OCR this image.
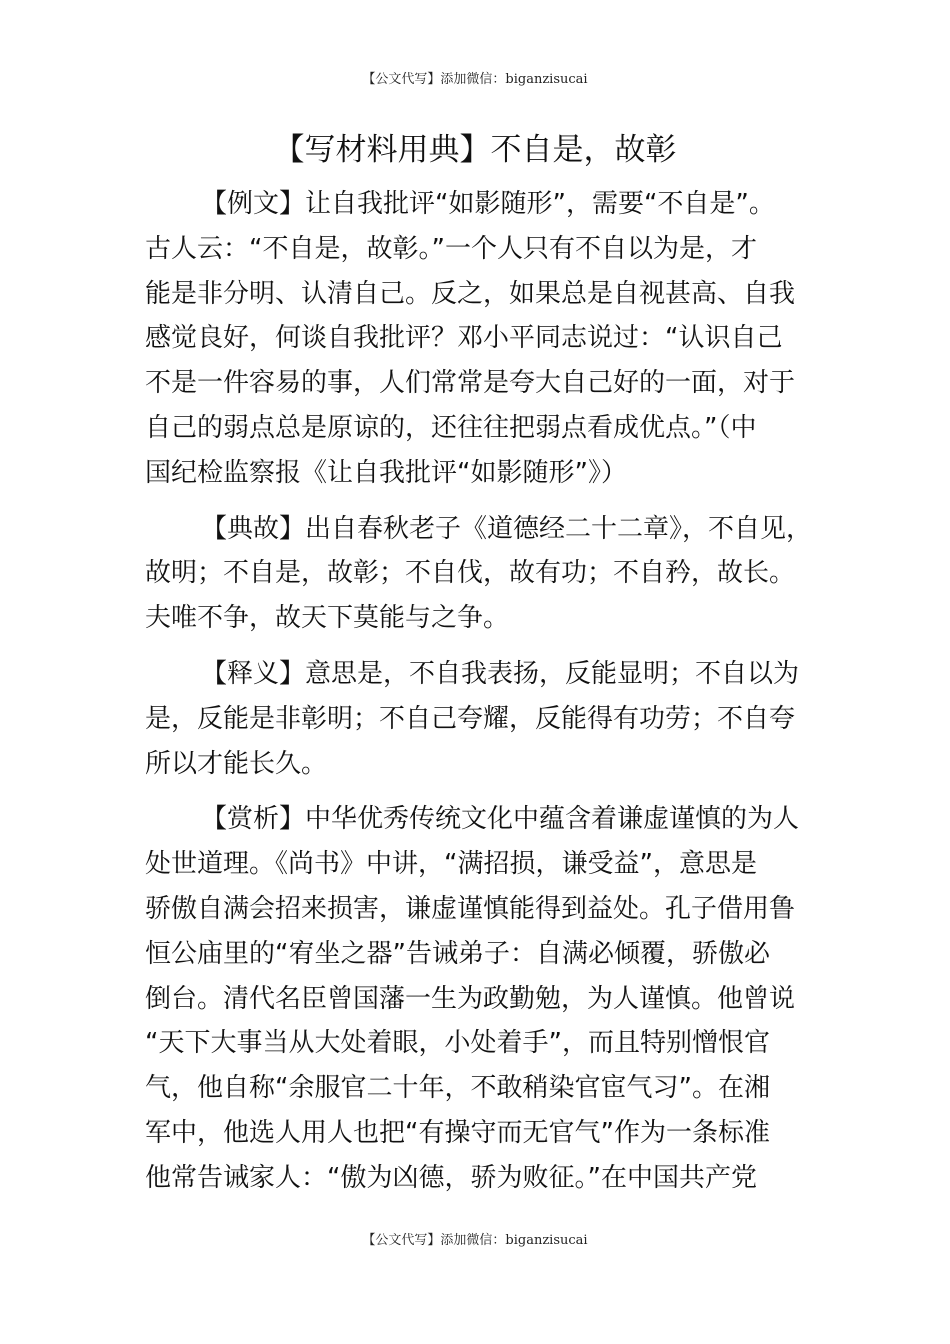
【公文代写】添加微信：biganzisucai
【写材料用典】不自是，故彰

【例文】让自我批评“如影随形”，需要“不自是”。
古人云：“不自是，故彰。”一个人只有不自以为是，才
能是非分明、认清自己。反之，如果总是自视甚高、自我
感觉良好，何谈自我批评？邓小平同志说过：“认识自己
不是一件容易的事，人们常常是夸大自己好的一面，对于
自己的弱点总是原谅的，还往往把弱点看成优点。”（中
国纪检监察报《让自我批评“如影随形”》）

【典故】出自春秋老子《道德经二十二章》，不自见，
故明；不自是，故彰；不自伐，故有功；不自矜，故长。
夫唯不争，故天下莫能与之争。

【释义】意思是，不自我表扬，反能显明；不自以为
是，反能是非彰明；不自己夸耀，反能得有功劳；不自夸
所以才能长久。

【赏析】中华优秀传统文化中蕴含着谦虚谨慎的为人
处世道理。《尚书》中讲，“满招损，谦受益”，意思是
骄傲自满会招来损害，谦虚谨慎能得到益处。孔子借用鲁
恒公庙里的“宥坐之器”告诫弟子：自满必倾覆，骄傲必
倒台。清代名臣曾国藩一生为政勤勉，为人谨慎。他曾说
“天下大事当从大处着眼，小处着手”，而且特别憎恨官
气，他自称“余服官二十年，不敢稍染官宦气习”。在湘
军中，他选人用人也把“有操守而无官气”作为一条标准
他常告诫家人：“傲为凶德，骄为败征。”在中国共产党

【公文代写】添加微信：biganzisucai
